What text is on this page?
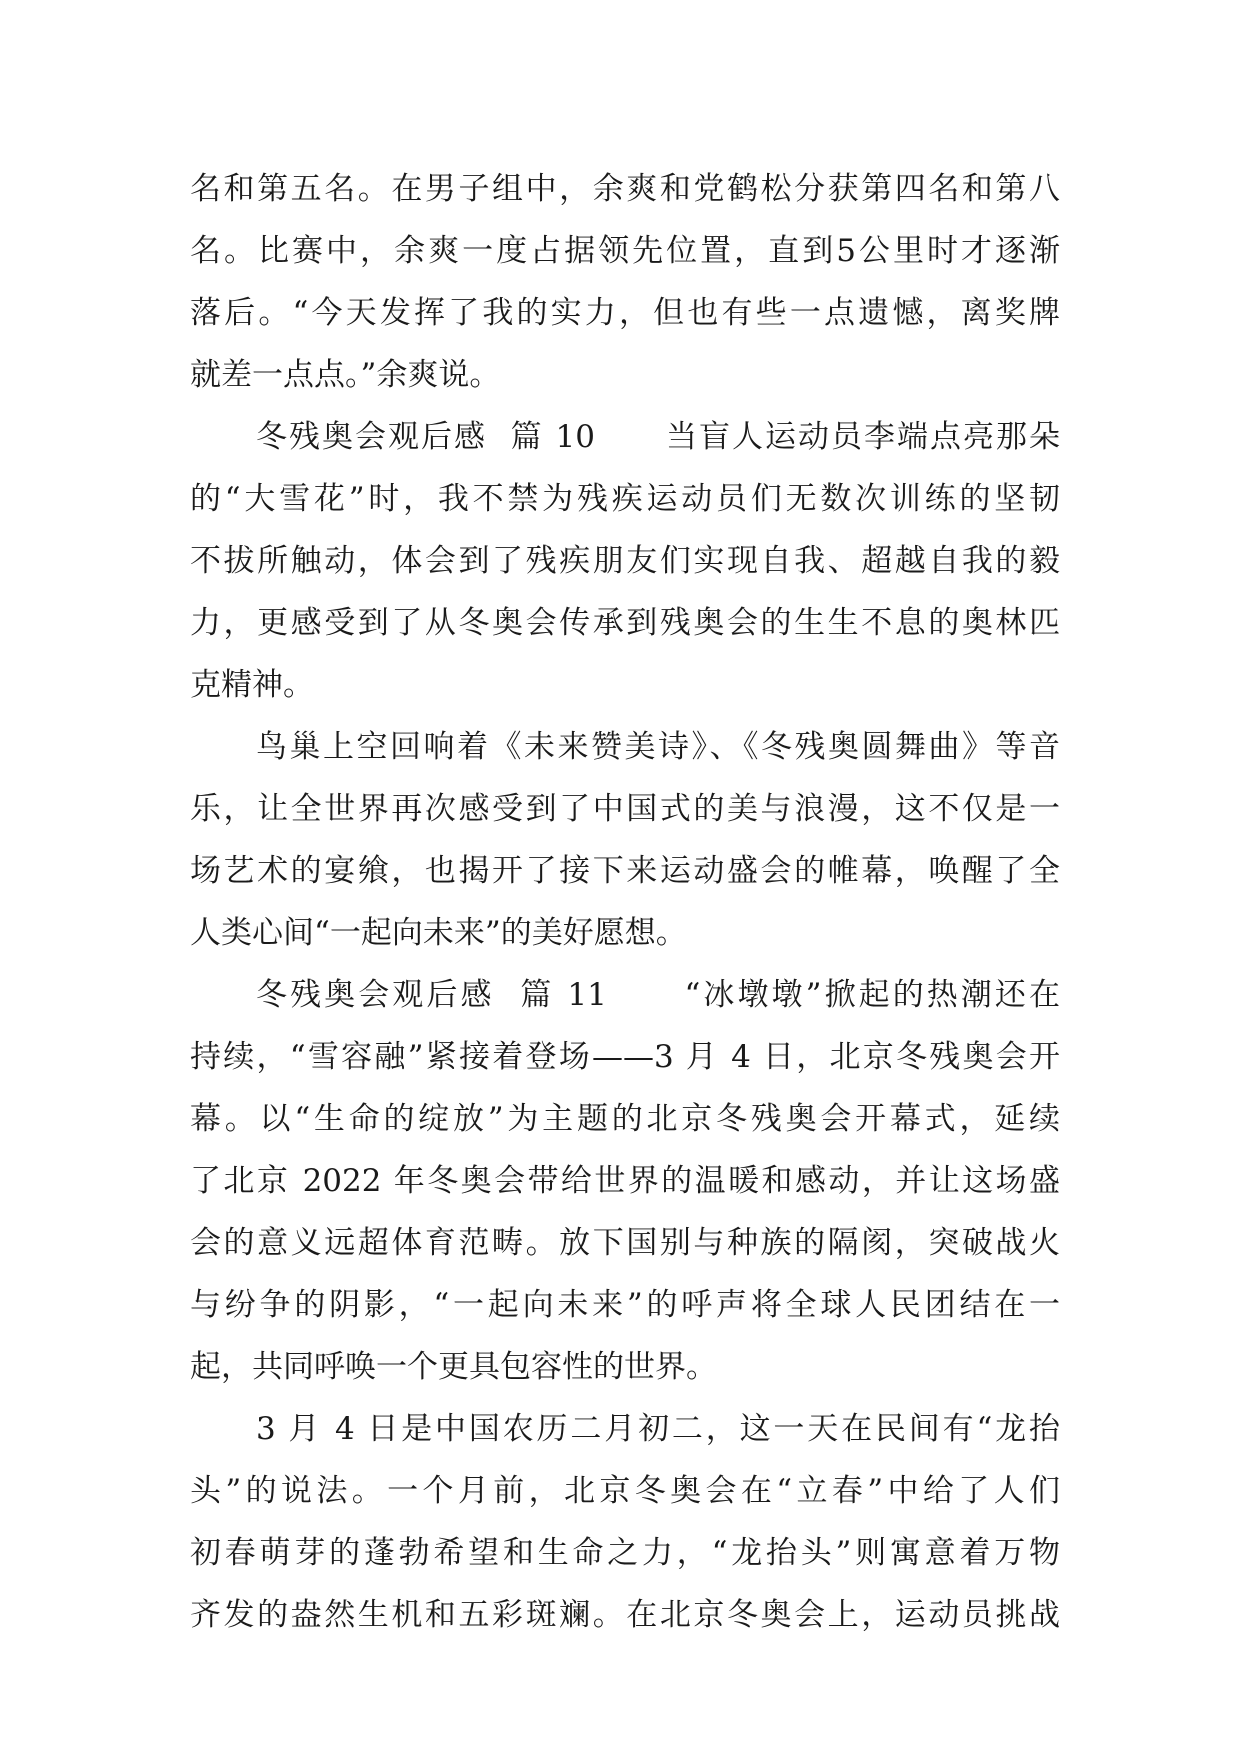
名和第五名。在男子组中，余爽和党鹤松分获第四名和第八
名。比赛中，余爽一度占据领先位置，直到5公里时才逐渐
落后。“今天发挥了我的实力，但也有些一点遗憾，离奖牌
就差一点点。”余爽说。
冬残奥会观后感  篇 10      当盲人运动员李端点亮那朵
的“大雪花”时，我不禁为残疾运动员们无数次训练的坚韧
不拔所触动，体会到了残疾朋友们实现自我、超越自我的毅
力，更感受到了从冬奥会传承到残奥会的生生不息的奥林匹
克精神。
鸟巢上空回响着《未来赞美诗》、《冬残奥圆舞曲》等音
乐，让全世界再次感受到了中国式的美与浪漫，这不仅是一
场艺术的宴飨，也揭开了接下来运动盛会的帷幕，唤醒了全
人类心间“一起向未来”的美好愿想。
冬残奥会观后感  篇 11      “冰墩墩”掀起的热潮还在
持续，“雪容融”紧接着登场——3 月 4 日，北京冬残奥会开
幕。以“生命的绽放”为主题的北京冬残奥会开幕式，延续
了北京 2022 年冬奥会带给世界的温暖和感动，并让这场盛
会的意义远超体育范畴。放下国别与种族的隔阂，突破战火
与纷争的阴影，“一起向未来”的呼声将全球人民团结在一
起，共同呼唤一个更具包容性的世界。
3 月 4 日是中国农历二月初二，这一天在民间有“龙抬
头”的说法。一个月前，北京冬奥会在“立春”中给了人们
初春萌芽的蓬勃希望和生命之力，“龙抬头”则寓意着万物
齐发的盎然生机和五彩斑斓。在北京冬奥会上，运动员挑战
